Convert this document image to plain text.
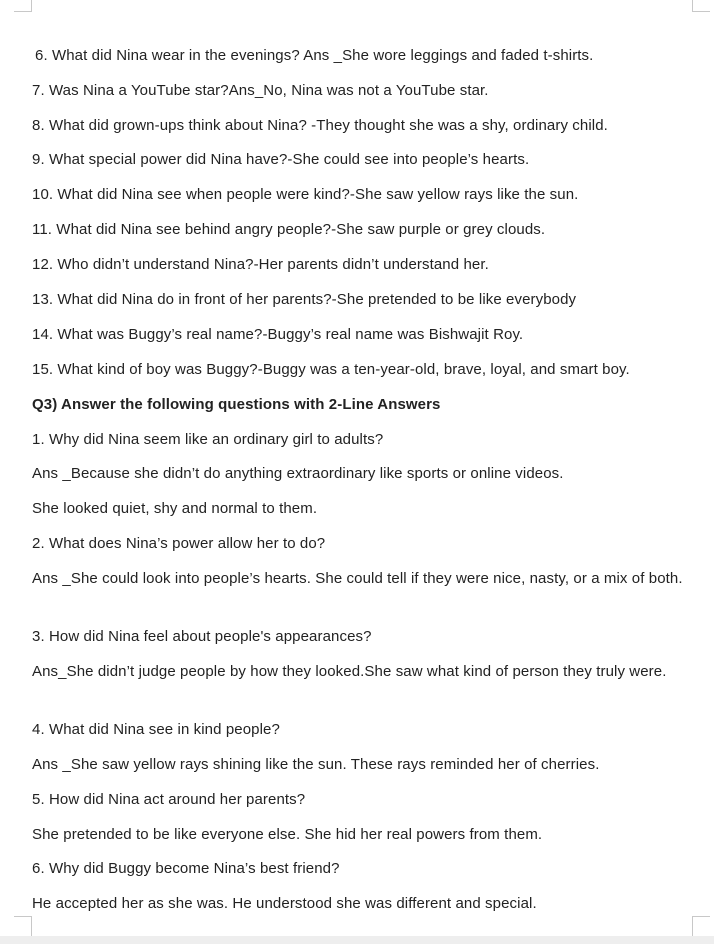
6. What did Nina wear in the evenings? Ans _She wore leggings and faded t-shirts.
7. Was Nina a YouTube star?Ans_No, Nina was not a YouTube star.
8. What did grown-ups think about Nina? -They thought she was a shy, ordinary child.
9. What special power did Nina have?-She could see into people’s hearts.
10. What did Nina see when people were kind?-She saw yellow rays like the sun.
11. What did Nina see behind angry people?-She saw purple or grey clouds.
12. Who didn’t understand Nina?-Her parents didn’t understand her.
13. What did Nina do in front of her parents?-She pretended to be like everybody
14. What was Buggy’s real name?-Buggy’s real name was Bishwajit Roy.
15. What kind of boy was Buggy?-Buggy was a ten-year-old, brave, loyal, and smart boy.
Q3) Answer the following questions with 2-Line Answers
1. Why did Nina seem like an ordinary girl to adults?
Ans _Because she didn’t do anything extraordinary like sports or online videos.
She looked quiet, shy and normal to them.
2. What does Nina’s power allow her to do?
Ans _She could look into people’s hearts. She could tell if they were nice, nasty, or a mix of both.
3. How did Nina feel about people's appearances?
Ans_She didn’t judge people by how they looked.She saw what kind of person they truly were.
4. What did Nina see in kind people?
Ans _She saw yellow rays shining like the sun. These rays reminded her of cherries.
5. How did Nina act around her parents?
She pretended to be like everyone else. She hid her real powers from them.
6. Why did Buggy become Nina’s best friend?
He accepted her as she was. He understood she was different and special.
